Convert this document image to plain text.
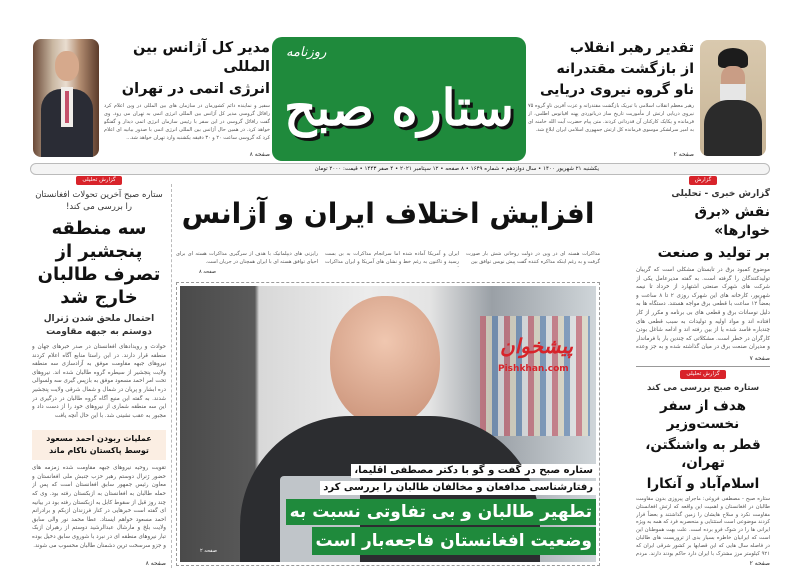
مدیر کل آژانس بین المللی
انرژی اتمی در تهران
سفیر و نماینده دائم کشورمان در سازمان های بین المللی در وین اعلام کرد رافائل گروسی مدیر کل آژانس بین المللی انرژی اتمی به تهران می رود. وی گفت رافائل گروسی در این سفر با رئیس سازمان انرژی اتمی دیدار و گفتگو خواهد کرد. در همین حال آژانس بین المللی انرژی اتمی با صدور بیانیه ای اعلام کرد که گروسی ساعت ۲۰ و ۳۰ دقیقه یکشنبه وارد تهران خواهد شد...
صفحه ۸
روزنامه
ستاره صبح
تقدیر رهبر انقلاب
از بازگشت مقتدرانه
ناو گروه نیروی دریایی
رهبر معظم انقلاب اسلامی با تبریک بازگشت مقتدرانه و عزت آفرین ناو گروه ۷۵ نیروی دریایی ارتش از مأموریت تاریخ ساز دریانوردی پهنه اقیانوس اطلس، از فرمانده و یکایک کارکنان آن قدردانی کردند. متن پیام حضرت آیت الله خامنه ای به امیر سرلشکر موسوی فرمانده کل ارتش جمهوری اسلامی ایران ابلاغ شد.
صفحه ۲
یکشنبه ۲۱ شهریور ۱۴۰۰ • سال دوازدهم • شماره ۱۶۴۹ • ۸ صفحه • ۱۲ سپتامبر ۲۰۲۱ • ۴ صفر ۱۴۴۳ • قیمت: ۲۰۰۰ تومان
گزارش تحلیلی
ستاره صبح آخرین تحولات افغانستان را بررسی می کند!
سه منطقه پنجشیر از تصرف طالبان خارج شد
احتمال ملحق شدن ژنرال دوستم به جبهه مقاومت
حوادث و رویدادهای افغانستان در صدر خبرهای جهان و منطقه قرار دارند. در این راستا منابع آگاه اعلام کردند نیروهای جبهه مقاومت موفق به آزادسازی سه منطقه ولایت پنجشیر از سیطره گروه طالبان شده اند. نیروهای تحت امر احمد مسعود موفق به بازپس گیری سه ولسوالی دره ابشار و پریان در شمال و شمال شرقی ولایت پنجشیر شدند. به گفته این منبع آگاه گروه طالبان در درگیری در این سه منطقه شماری از نیروهای خود را از دست داد و مجبور به عقب نشینی شد. با این حال آنچه یافت
عملیات ربودن احمد مسعود توسط پاکستان ناکام ماند
تقویت روحیه نیروهای جبهه مقاومت شده زمزمه های حضور ژنرال دوستم رهبر حزب جنبش ملی افغانستان و معاون رئیس جمهور سابق افغانستان است که پس از حمله طالبان به افغانستان به ازبکستان رفته بود. وی که چند روز قبل از سقوط کابل به ازبکستان رفته بود در بیانیه ای گفته است خبرهایی در کنار فرزندان ازبکم و برادرانم احمد مسعود خواهم ایستاد. عطا محمد نور والی سابق ولایت بلخ و مارشال عبدالرشید دوستم از رهبران ازبک تبار نیروهای منطقه ای در نبرد با شوروی سابق دخیل بوده و جزو سرسخت ترین دشمنان طالبان محسوب می شوند.
صفحه ۸
افزایش اختلاف ایران و آژانس
مذاکرات هسته ای در وین در دولت روحانی شش بار صورت گرفت و به رغم اینکه مذاکره کننده گفت پیش نویس توافق بین
ایران و آمریکا آماده شده اما سرانجام مذاکرات به بن بست رسید و تاکنون به رغم خط و نشان های آمریکا و ایران مذاکرات
رایزنی های دیپلماتیک با هدف از سرگیری مذاکرات هسته ای برای احیای توافق هسته ای با ایران همچنان در جریان است.
صفحه ۸
پیشخوان
Pishkhan.com
ستاره صبح در گفت و گو با دکتر مصطفی اقلیما،
رفتارشناسی مدافعان و مخالفان طالبان را بررسی کرد
تطهیر طالبان و بی تفاوتی نسبت به
وضعیت افغانستان فاجعه‌بار است
صفحه ۲
گزارش
گزارش خبری - تحلیلی
نقش «برق خوارها»
بر تولید و صنعت
موضوع کمبود برق در تابستان مشکلی است که گریبان تولیدکنندگان را گرفته است. به گفته مدیرعامل یکی از شرکت های شهرک صنعتی اشتهارد از خرداد تا نیمه شهریور، کارخانه های این شهرک روزی ۲ تا ۸ ساعت و بعضاً ۱۲ ساعت با قطعی برق مواجه هستند. دستگاه ها به دلیل نوسانات برق و قطعی های بی برنامه و مکرر از کار افتاده اند و مواد اولیه و تولیدات به سبب قطعی های چندباره فاسد شده یا از بین رفته اند و ادامه شاغل بودن کارگران در خطر است. مشکلاتی که چندین بار با فرماندار و مدیران صنعت برق در میان گذاشته شده و به جز وعده
صفحه ۷
گزارش تحلیلی
ستاره صبح بررسی می کند
هدف از سفر نخست‌وزیر
قطر به واشنگتن، تهران،
اسلام‌آباد و آنکارا
ستاره صبح - مصطفی فروغی: ماجرای پیروزی بدون مقاومت طالبان در افغانستان و اهمیت این واقعه که ارتش افغانستان مقاومت نکرد و سلاح هایشان را زمین گذاشتند و بعضاً فرار کردند موضوعی است استثنایی و منحصربه فرد که همه به ویژه ایرانی ها را در شوک فرو برده است. علت بهت هموطنان این است که ایرانیان خاطره بسیار بدی از تروریست های طالبان در فاصله سال هایی که این قصابها بر کشور شرقی ایران که ۹۲۱ کیلومتر مرز مشترک با ایران دارد حاکم بودند دارند. مردم
صفحه ۲
